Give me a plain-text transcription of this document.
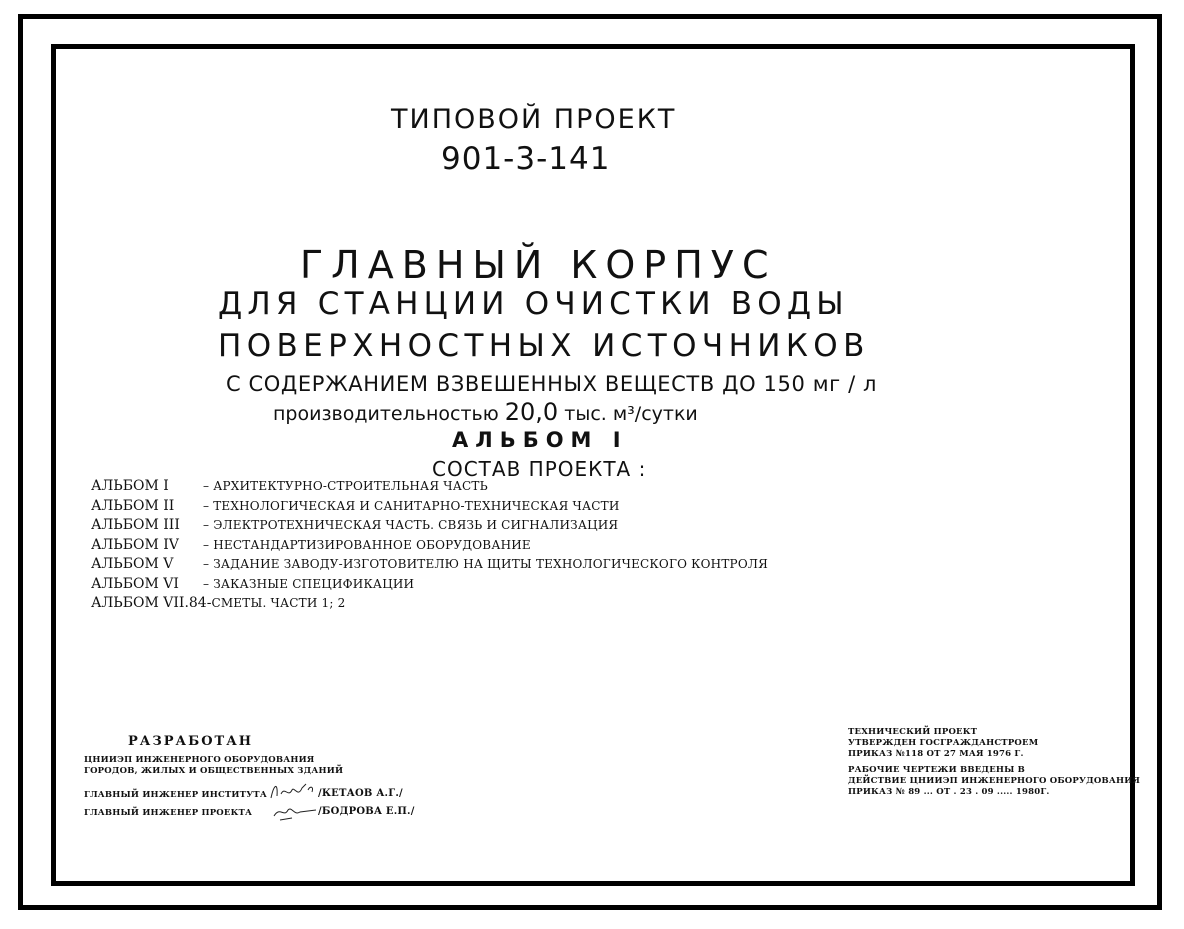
ТИПОВОЙ ПРОЕКТ
901-3-141
ГЛАВНЫЙ КОРПУС
ДЛЯ СТАНЦИИ ОЧИСТКИ ВОДЫ
ПОВЕРХНОСТНЫХ ИСТОЧНИКОВ
С СОДЕРЖАНИЕМ ВЗВЕШЕННЫХ ВЕЩЕСТВ ДО 150 мг / л
производительностью 20,0 тыс. м³/сутки
АЛЬБОМ I
СОСТАВ ПРОЕКТА :
АЛЬБОМ I	– АРХИТЕКТУРНО-СТРОИТЕЛЬНАЯ ЧАСТЬ
АЛЬБОМ II	– ТЕХНОЛОГИЧЕСКАЯ И САНИТАРНО-ТЕХНИЧЕСКАЯ ЧАСТИ
АЛЬБОМ III	– ЭЛЕКТРОТЕХНИЧЕСКАЯ ЧАСТЬ. СВЯЗЬ И СИГНАЛИЗАЦИЯ
АЛЬБОМ IV	– НЕСТАНДАРТИЗИРОВАННОЕ ОБОРУДОВАНИЕ
АЛЬБОМ V	– ЗАДАНИЕ ЗАВОДУ-ИЗГОТОВИТЕЛЮ НА ЩИТЫ ТЕХНОЛОГИЧЕСКОГО КОНТРОЛЯ
АЛЬБОМ VI	– ЗАКАЗНЫЕ СПЕЦИФИКАЦИИ
АЛЬБОМ VII.84- СМЕТЫ. ЧАСТИ 1; 2
РАЗРАБОТАН
ЦНИИЭП ИНЖЕНЕРНОГО ОБОРУДОВАНИЯ
ГОРОДОВ, ЖИЛЫХ И ОБЩЕСТВЕННЫХ ЗДАНИЙ
ГЛАВНЫЙ ИНЖЕНЕР ИНСТИТУТА	/КЕТАОВ А.Г./
ГЛАВНЫЙ ИНЖЕНЕР ПРОЕКТА	/БОДРОВА Е.П./
ТЕХНИЧЕСКИЙ ПРОЕКТ
УТВЕРЖДЕН ГОСГРАЖДАНСТРОЕМ
ПРИКАЗ №118 ОТ 27 МАЯ 1976 Г.
РАБОЧИЕ ЧЕРТЕЖИ ВВЕДЕНЫ В
ДЕЙСТВИЕ ЦНИИЭП ИНЖЕНЕРНОГО ОБОРУДОВАНИЯ
ПРИКАЗ № 89 ... ОТ . 23 . 09 ..... 1980Г.
